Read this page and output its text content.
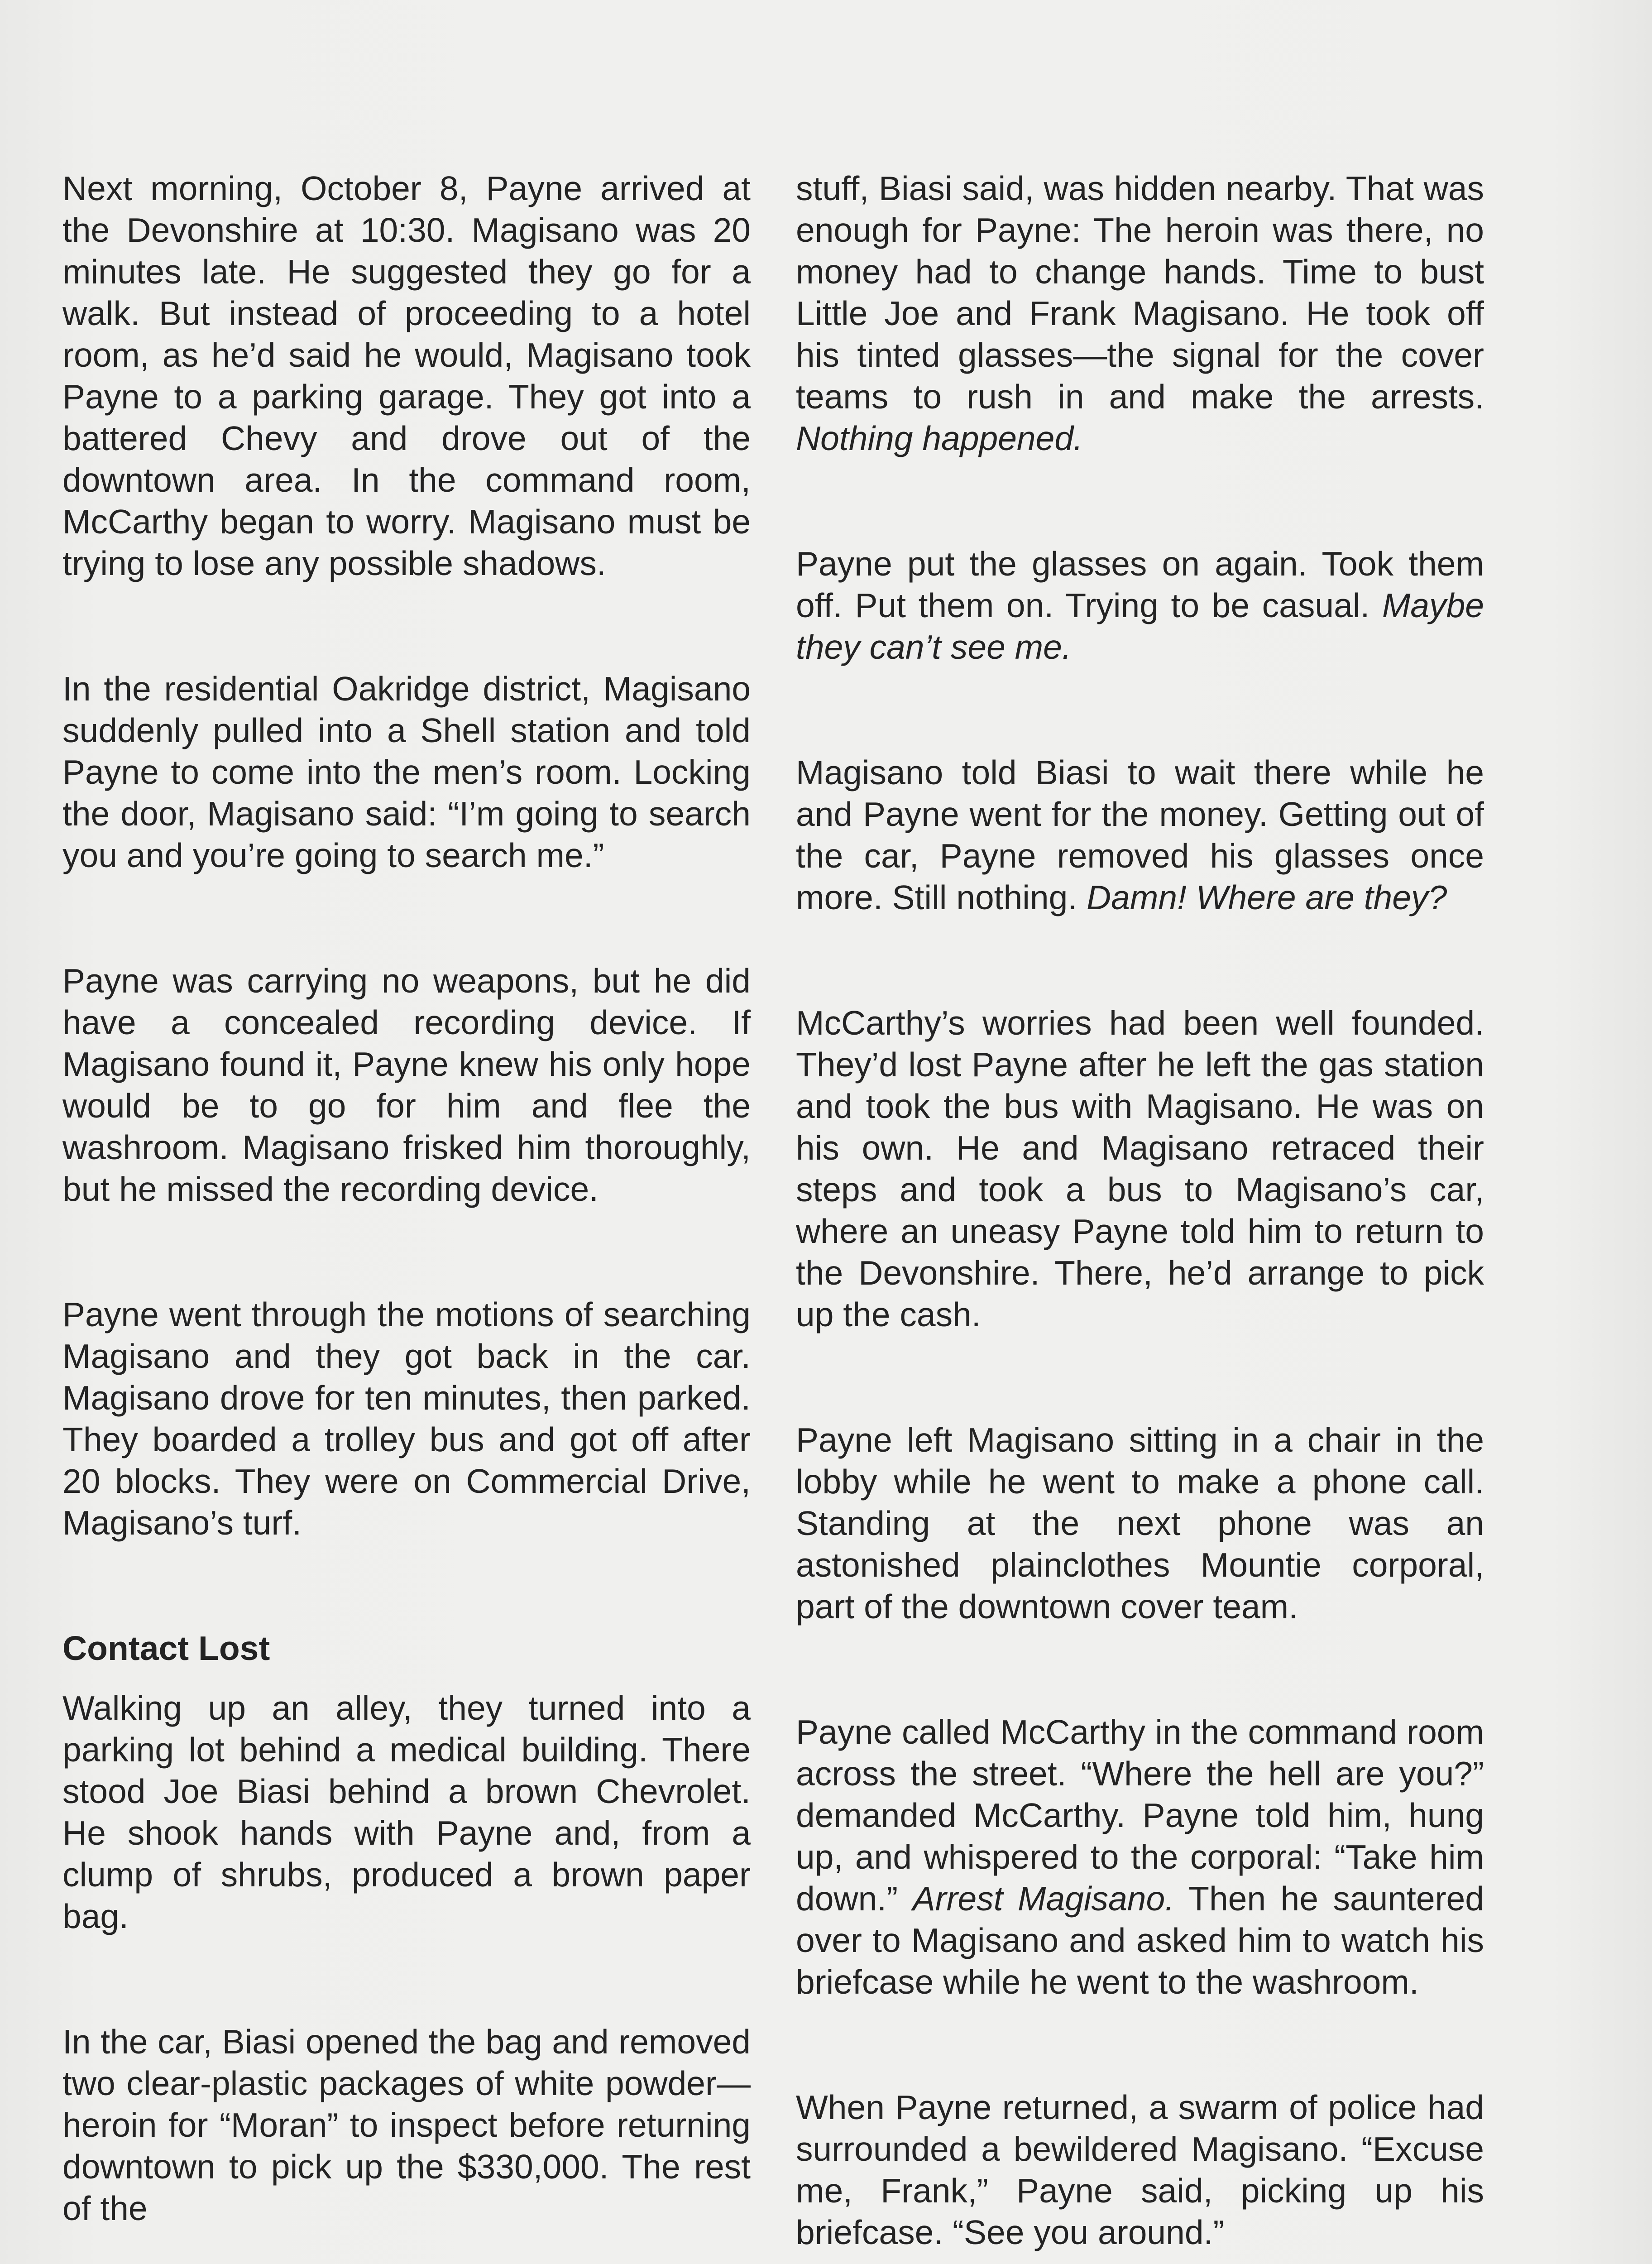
Next morning, October 8, Payne arrived at the Devonshire at 10:30. Magisano was 20 minutes late. He suggested they go for a walk. But instead of proceeding to a hotel room, as he’d said he would, Magisano took Payne to a parking garage. They got into a battered Chevy and drove out of the downtown area. In the command room, McCarthy began to worry. Magisano must be trying to lose any possible shadows.

In the residential Oakridge district, Magisano suddenly pulled into a Shell station and told Payne to come into the men’s room. Locking the door, Magisano said: “I’m going to search you and you’re going to search me.”

Payne was carrying no weapons, but he did have a concealed recording device. If Magisano found it, Payne knew his only hope would be to go for him and flee the washroom. Magisano frisked him thoroughly, but he missed the recording device.

Payne went through the motions of searching Magisano and they got back in the car. Magisano drove for ten minutes, then parked. They boarded a trolley bus and got off after 20 blocks. They were on Commercial Drive, Magisano’s turf.

Contact Lost

Walking up an alley, they turned into a parking lot behind a medical building. There stood Joe Biasi behind a brown Chevrolet. He shook hands with Payne and, from a clump of shrubs, produced a brown paper bag.

In the car, Biasi opened the bag and removed two clear-plastic packages of white powder—heroin for “Moran” to inspect before returning downtown to pick up the $330,000. The rest of the

stuff, Biasi said, was hidden nearby. That was enough for Payne: The heroin was there, no money had to change hands. Time to bust Little Joe and Frank Magisano. He took off his tinted glasses—the signal for the cover teams to rush in and make the arrests. Nothing happened.

Payne put the glasses on again. Took them off. Put them on. Trying to be casual. Maybe they can’t see me.

Magisano told Biasi to wait there while he and Payne went for the money. Getting out of the car, Payne removed his glasses once more. Still nothing. Damn! Where are they?

McCarthy’s worries had been well founded. They’d lost Payne after he left the gas station and took the bus with Magisano. He was on his own. He and Magisano retraced their steps and took a bus to Magisano’s car, where an uneasy Payne told him to return to the Devonshire. There, he’d arrange to pick up the cash.

Payne left Magisano sitting in a chair in the lobby while he went to make a phone call. Standing at the next phone was an astonished plainclothes Mountie corporal, part of the downtown cover team.

Payne called McCarthy in the command room across the street. “Where the hell are you?” demanded McCarthy. Payne told him, hung up, and whispered to the corporal: “Take him down.” Arrest Magisano. Then he sauntered over to Magisano and asked him to watch his briefcase while he went to the washroom.

When Payne returned, a swarm of police had surrounded a bewildered Magisano. “Excuse me, Frank,” Payne said, picking up his briefcase. “See you around.”
